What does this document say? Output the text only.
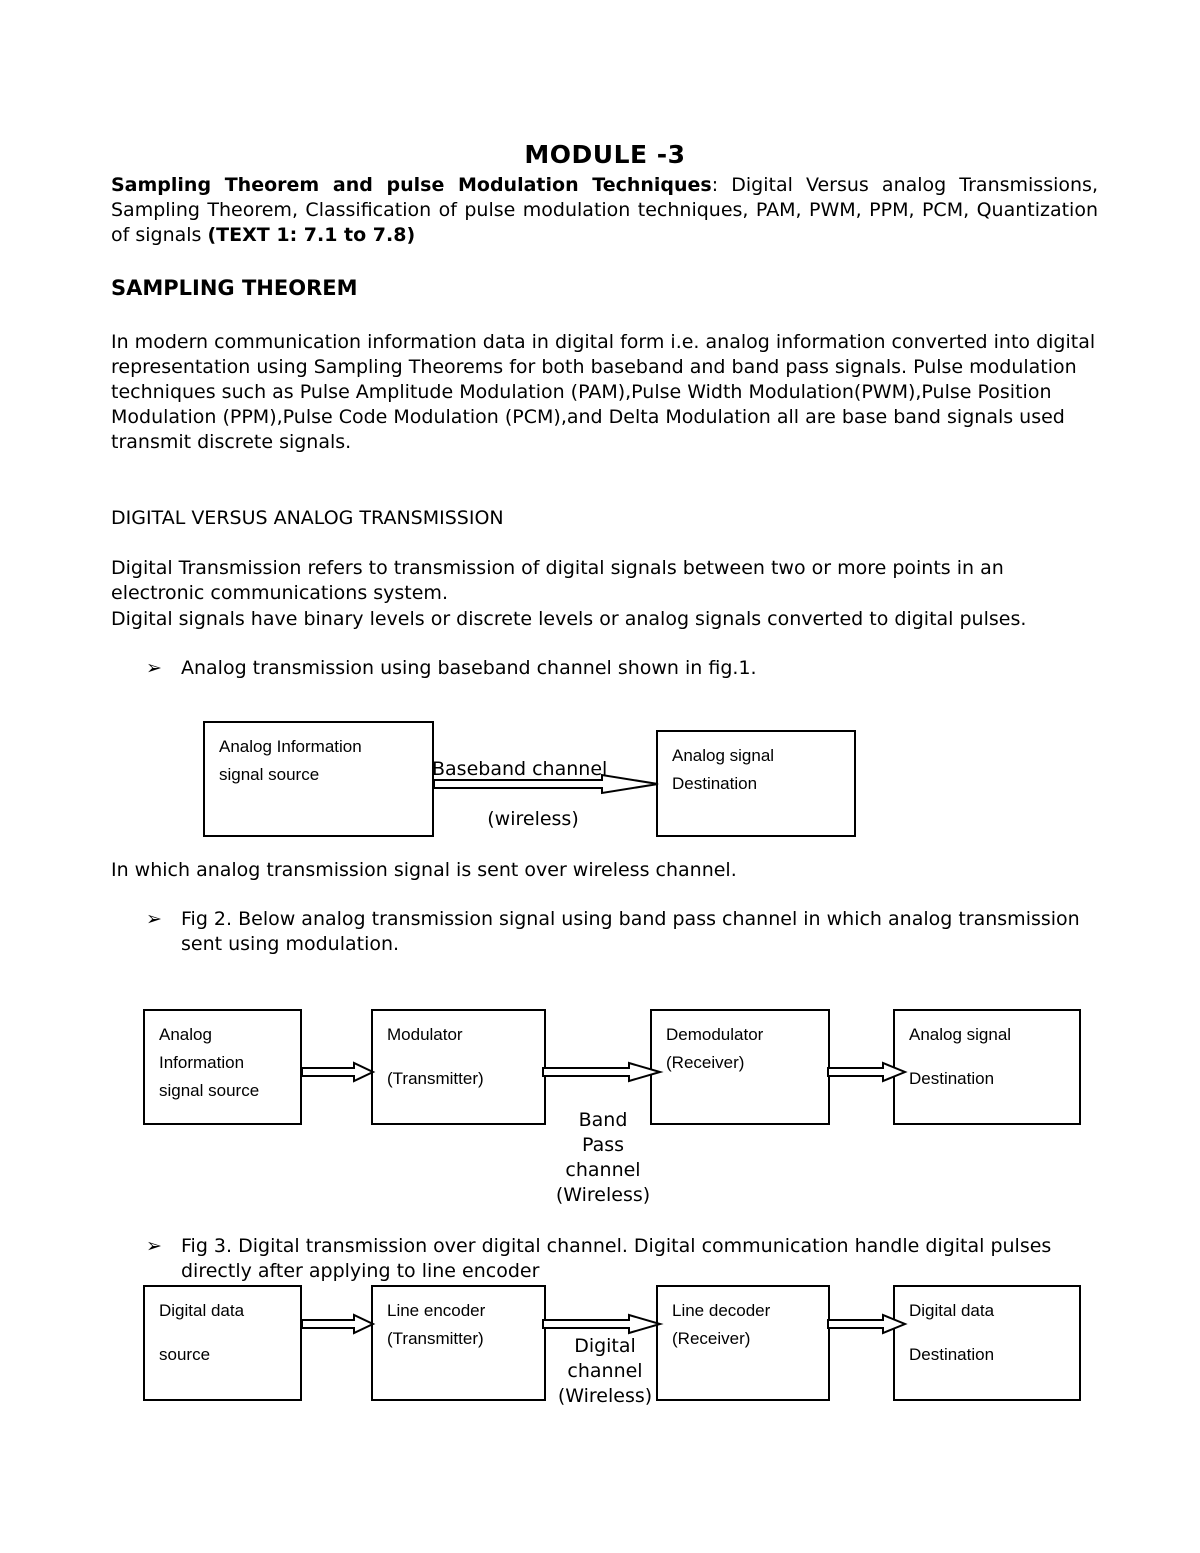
MODULE -3
Sampling Theorem and pulse Modulation Techniques: Digital Versus analog Transmissions, Sampling Theorem, Classification of pulse modulation techniques, PAM, PWM, PPM, PCM, Quantization of signals (TEXT 1: 7.1 to 7.8)
SAMPLING THEOREM
In modern communication information data in digital form i.e. analog information converted into digital representation using Sampling Theorems for both baseband and band pass signals. Pulse modulation techniques such as Pulse Amplitude Modulation (PAM),Pulse Width Modulation(PWM),Pulse Position Modulation (PPM),Pulse Code Modulation (PCM),and Delta Modulation all are base band signals used transmit discrete signals.
DIGITAL VERSUS ANALOG TRANSMISSION
Digital Transmission refers to transmission of digital signals between two or more points in an electronic communications system.
Digital signals have binary levels or discrete levels or analog signals converted to digital pulses.
➢ Analog transmission using baseband channel shown in fig.1.
Analog Information
signal source
Analog signal
Destination
Baseband channel
(wireless)
In which analog transmission signal is sent over wireless channel.
➢ Fig 2. Below analog transmission signal using band pass channel in which analog transmission sent using modulation.
Analog
Information
signal source
Modulator
(Transmitter)
Demodulator
(Receiver)
Analog signal
Destination
Band
Pass
channel
(Wireless)
➢ Fig 3. Digital transmission over digital channel. Digital communication handle digital pulses directly after applying to line encoder
Digital data
source
Line encoder
(Transmitter)
Line decoder
(Receiver)
Digital data
Destination
Digital
channel
(Wireless)
